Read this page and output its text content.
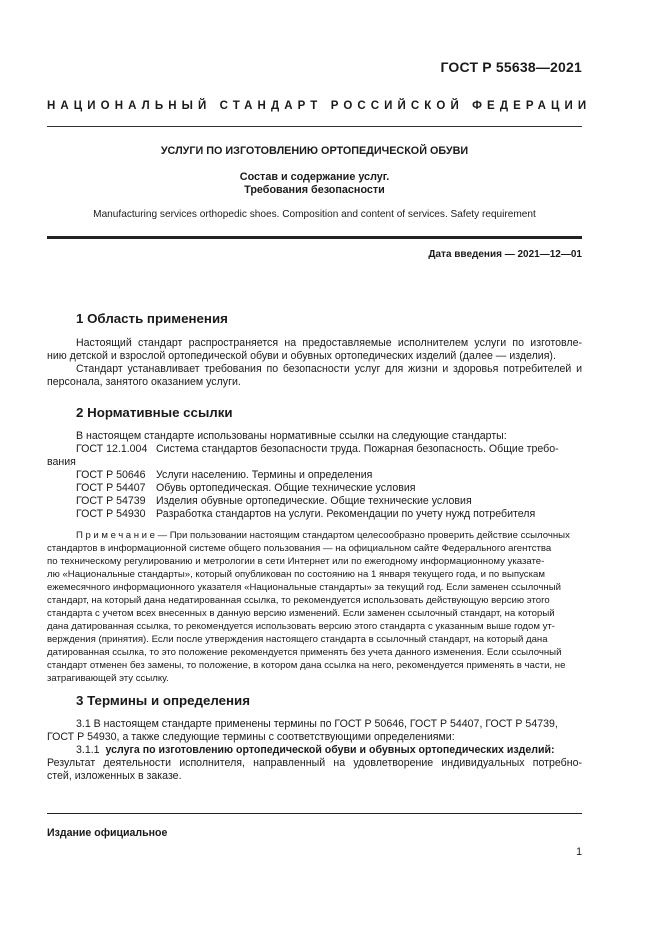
ГОСТ Р 55638—2021
НАЦИОНАЛЬНЫЙ СТАНДАРТ РОССИЙСКОЙ ФЕДЕРАЦИИ
УСЛУГИ ПО ИЗГОТОВЛЕНИЮ ОРТОПЕДИЧЕСКОЙ ОБУВИ
Состав и содержание услуг.
Требования безопасности
Manufacturing services orthopedic shoes. Composition and content of services. Safety requirement
Дата введения — 2021—12—01
1 Область применения
Настоящий стандарт распространяется на предоставляемые исполнителем услуги по изготовле-
нию детской и взрослой ортопедической обуви и обувных ортопедических изделий (далее — изделия).
Стандарт устанавливает требования по безопасности услуг для жизни и здоровья потребителей и
персонала, занятого оказанием услуги.
2 Нормативные ссылки
В настоящем стандарте использованы нормативные ссылки на следующие стандарты:
ГОСТ 12.1.004 Система стандартов безопасности труда. Пожарная безопасность. Общие требо-
вания
ГОСТ Р 50646 Услуги населению. Термины и определения
ГОСТ Р 54407 Обувь ортопедическая. Общие технические условия
ГОСТ Р 54739 Изделия обувные ортопедические. Общие технические условия
ГОСТ Р 54930 Разработка стандартов на услуги. Рекомендации по учету нужд потребителя
Примечание— При пользовании настоящим стандартом целесообразно проверить действие ссылочных
стандартов в информационной системе общего пользования — на официальном сайте Федерального агентства
по техническому регулированию и метрологии в сети Интернет или по ежегодному информационному указате-
лю «Национальные стандарты», который опубликован по состоянию на 1 января текущего года, и по выпускам
ежемесячного информационного указателя «Национальные стандарты» за текущий год. Если заменен ссылочный
стандарт, на который дана недатированная ссылка, то рекомендуется использовать действующую версию этого
стандарта с учетом всех внесенных в данную версию изменений. Если заменен ссылочный стандарт, на который
дана датированная ссылка, то рекомендуется использовать версию этого стандарта с указанным выше годом ут-
верждения (принятия). Если после утверждения настоящего стандарта в ссылочный стандарт, на который дана
датированная ссылка, то это положение рекомендуется применять без учета данного изменения. Если ссылочный
стандарт отменен без замены, то положение, в котором дана ссылка на него, рекомендуется применять в части, не
затрагивающей эту ссылку.
3 Термины и определения
3.1 В настоящем стандарте применены термины по ГОСТ Р 50646, ГОСТ Р 54407, ГОСТ Р 54739,
ГОСТ Р 54930, а также следующие термины с соответствующими определениями:
3.1.1 услуга по изготовлению ортопедической обуви и обувных ортопедических изделий:
Результат деятельности исполнителя, направленный на удовлетворение индивидуальных потребно-
стей, изложенных в заказе.
Издание официальное
1
